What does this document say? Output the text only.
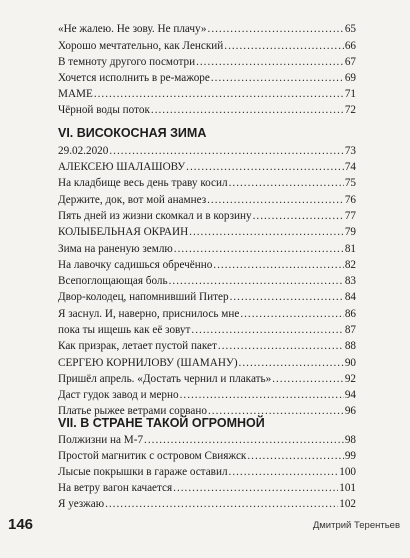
«Не жалею. Не зову. Не плачу» .....	65
Хорошо мечтательно, как Ленский .....	66
В темноту другого посмотри .....	67
Хочется исполнить в ре-мажоре .....	69
МАМЕ .....	71
Чёрной воды поток .....	72
VI. ВИСОКОСНАЯ ЗИМА
29.02.2020 .....	73
АЛЕКСЕЮ ШАЛАШОВУ .....	74
На кладбище весь день траву косил .....	75
Держите, док, вот мой анамнез .....	76
Пять дней из жизни скомкал и в корзину .....	77
КОЛЫБЕЛЬНАЯ ОКРАИН .....	79
Зима на раненую землю .....	81
На лавочку садишься обречённо .....	82
Всепоглощающая боль .....	83
Двор-колодец, напомнивший Питер .....	84
Я заснул. И, наверно, приснилось мне .....	86
пока ты ищешь как её зовут .....	87
Как призрак, летает пустой пакет .....	88
СЕРГЕЮ КОРНИЛОВУ (ШАМАНУ) .....	90
Пришёл апрель. «Достать чернил и плакать» .....	92
Даст гудок завод и мерно .....	94
Платье рыжее ветрами сорвано .....	96
VII. В СТРАНЕ ТАКОЙ ОГРОМНОЙ
Полжизни на М-7 .....	98
Простой магнитик с островом Свияжск .....	99
Лысые покрышки в гараже оставил .....	100
На ветру вагон качается .....	101
Я уезжаю .....	102
146	Дмитрий Терентьев
